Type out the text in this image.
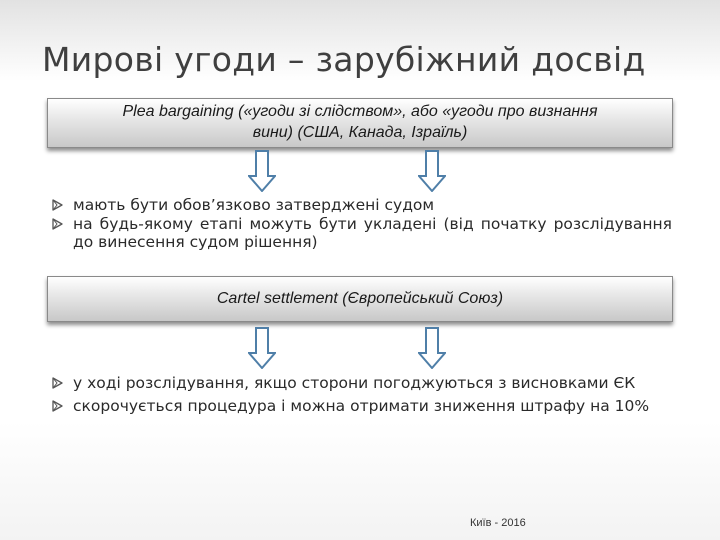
Мирові угоди – зарубіжний досвід
Plea bargaining («угоди зі слідством», або «угоди про визнання
вини) (США, Канада, Ізраїль)
мають бути обов’язково затверджені судом
на будь-якому етапі можуть бути укладені (від початку розслідування до винесення судом рішення)
Cartel settlement (Європейський Союз)
у ході розслідування, якщо сторони погоджуються з висновками ЄК
скорочується процедура і можна отримати зниження штрафу на 10%
Київ - 2016
